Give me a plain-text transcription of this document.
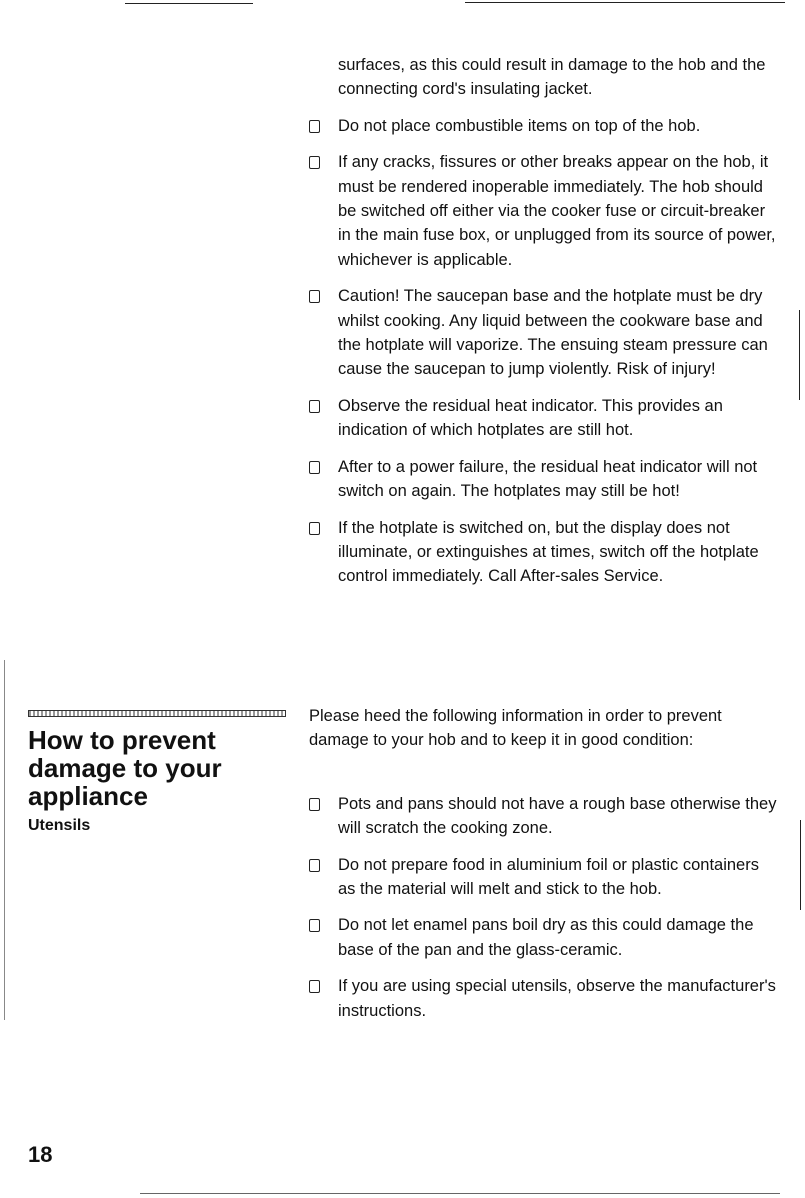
surfaces, as this could result in damage to the hob and the connecting cord's insulating jacket.

Do not place combustible items on top of the hob.
If any cracks, fissures or other breaks appear on the hob, it must be rendered inoperable immediately. The hob should be switched off either via the cooker fuse or circuit-breaker in the main fuse box, or unplugged from its source of power, whichever is applicable.
Caution! The saucepan base and the hotplate must be dry whilst cooking. Any liquid between the cookware base and the hotplate will vaporize. The ensuing steam pressure can cause the saucepan to jump violently. Risk of injury!
Observe the residual heat indicator. This provides an indication of which hotplates are still hot.
After to a power failure, the residual heat indicator will not switch on again. The hotplates may still be hot!
If the hotplate is switched on, but the display does not illuminate, or extinguishes at times, switch off the hotplate control immediately. Call After-sales Service.
How to prevent damage to your appliance
Utensils

Please heed the following information in order to prevent damage to your hob and to keep it in good condition:

Pots and pans should not have a rough base otherwise they will scratch the cooking zone.
Do not prepare food in aluminium foil or plastic containers as the material will melt and stick to the hob.
Do not let enamel pans boil dry as this could damage the base of the pan and the glass-ceramic.
If you are using special utensils, observe the manufacturer's instructions.
18
